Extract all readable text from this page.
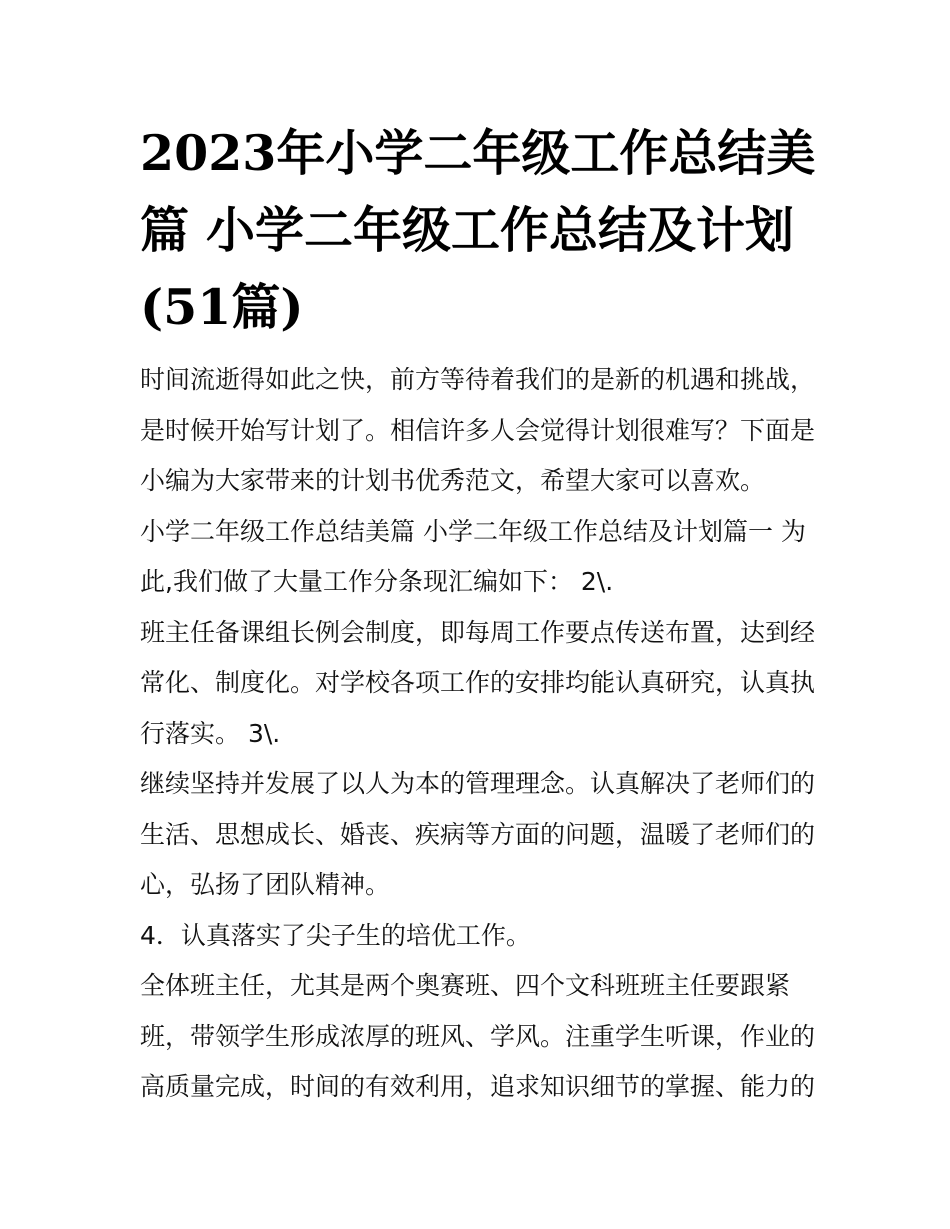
2023年小学二年级工作总结美
篇 小学二年级工作总结及计划
(51篇)

时间流逝得如此之快，前方等待着我们的是新的机遇和挑战，
是时候开始写计划了。相信许多人会觉得计划很难写？下面是
小编为大家带来的计划书优秀范文，希望大家可以喜欢。

小学二年级工作总结美篇 小学二年级工作总结及计划篇一 为
此,我们做了大量工作分条现汇编如下： 2\.

班主任备课组长例会制度，即每周工作要点传送布置，达到经
常化、制度化。对学校各项工作的安排均能认真研究，认真执
行落实。 3\.

继续坚持并发展了以人为本的管理理念。认真解决了老师们的
生活、思想成长、婚丧、疾病等方面的问题，温暖了老师们的
心，弘扬了团队精神。

4．认真落实了尖子生的培优工作。

全体班主任，尤其是两个奥赛班、四个文科班班主任要跟紧
班，带领学生形成浓厚的班风、学风。注重学生听课，作业的
高质量完成，时间的有效利用，追求知识细节的掌握、能力的
